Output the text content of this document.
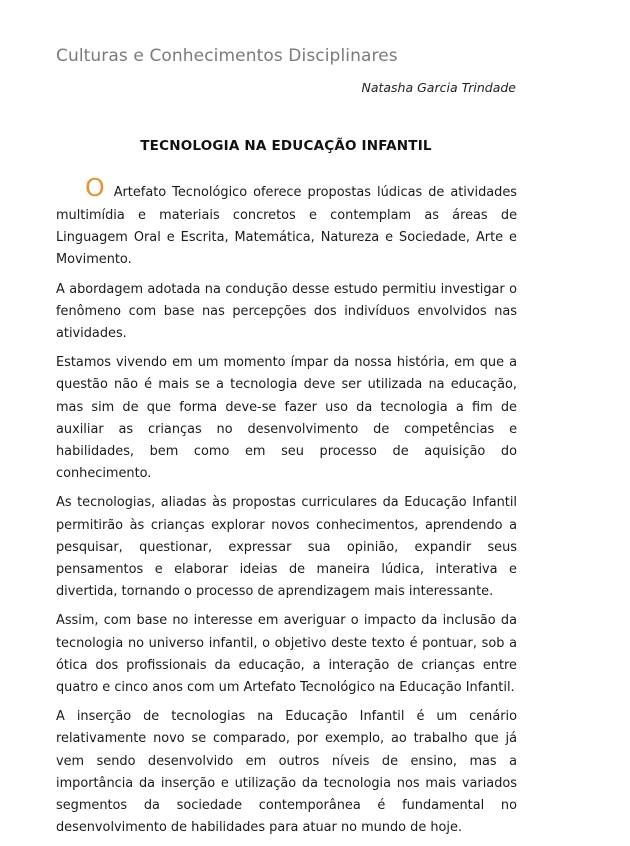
Culturas e Conhecimentos Disciplinares
Natasha Garcia Trindade
TECNOLOGIA NA EDUCAÇÃO INFANTIL

O Artefato Tecnológico oferece propostas lúdicas de atividades
multimídia e materiais concretos e contemplam as áreas de Linguagem Oral e Escrita, Matemática, Natureza e Sociedade, Arte e Movimento.

A abordagem adotada na condução desse estudo permitiu investigar o fenômeno com base nas percepções dos indivíduos envolvidos nas atividades.

Estamos vivendo em um momento ímpar da nossa história, em que a questão não é mais se a tecnologia deve ser utilizada na educação, mas sim de que forma deve-se fazer uso da tecnologia a fim de auxiliar as crianças no desenvolvimento de competências e habilidades, bem como em seu processo de aquisição do conhecimento.

As tecnologias, aliadas às propostas curriculares da Educação Infantil permitirão às crianças explorar novos conhecimentos, aprendendo a pesquisar, questionar, expressar sua opinião, expandir seus pensamentos e elaborar ideias de maneira lúdica, interativa e divertida, tornando o processo de aprendizagem mais interessante.

Assim, com base no interesse em averiguar o impacto da inclusão da tecnologia no universo infantil, o objetivo deste texto é pontuar, sob a ótica dos profissionais da educação, a interação de crianças entre quatro e cinco anos com um Artefato Tecnológico na Educação Infantil.

A inserção de tecnologias na Educação Infantil é um cenário relativamente novo se comparado, por exemplo, ao trabalho que já vem sendo desenvolvido em outros níveis de ensino, mas a importância da inserção e utilização da tecnologia nos mais variados segmentos da sociedade contemporânea é fundamental no desenvolvimento de habilidades para atuar no mundo de hoje.
